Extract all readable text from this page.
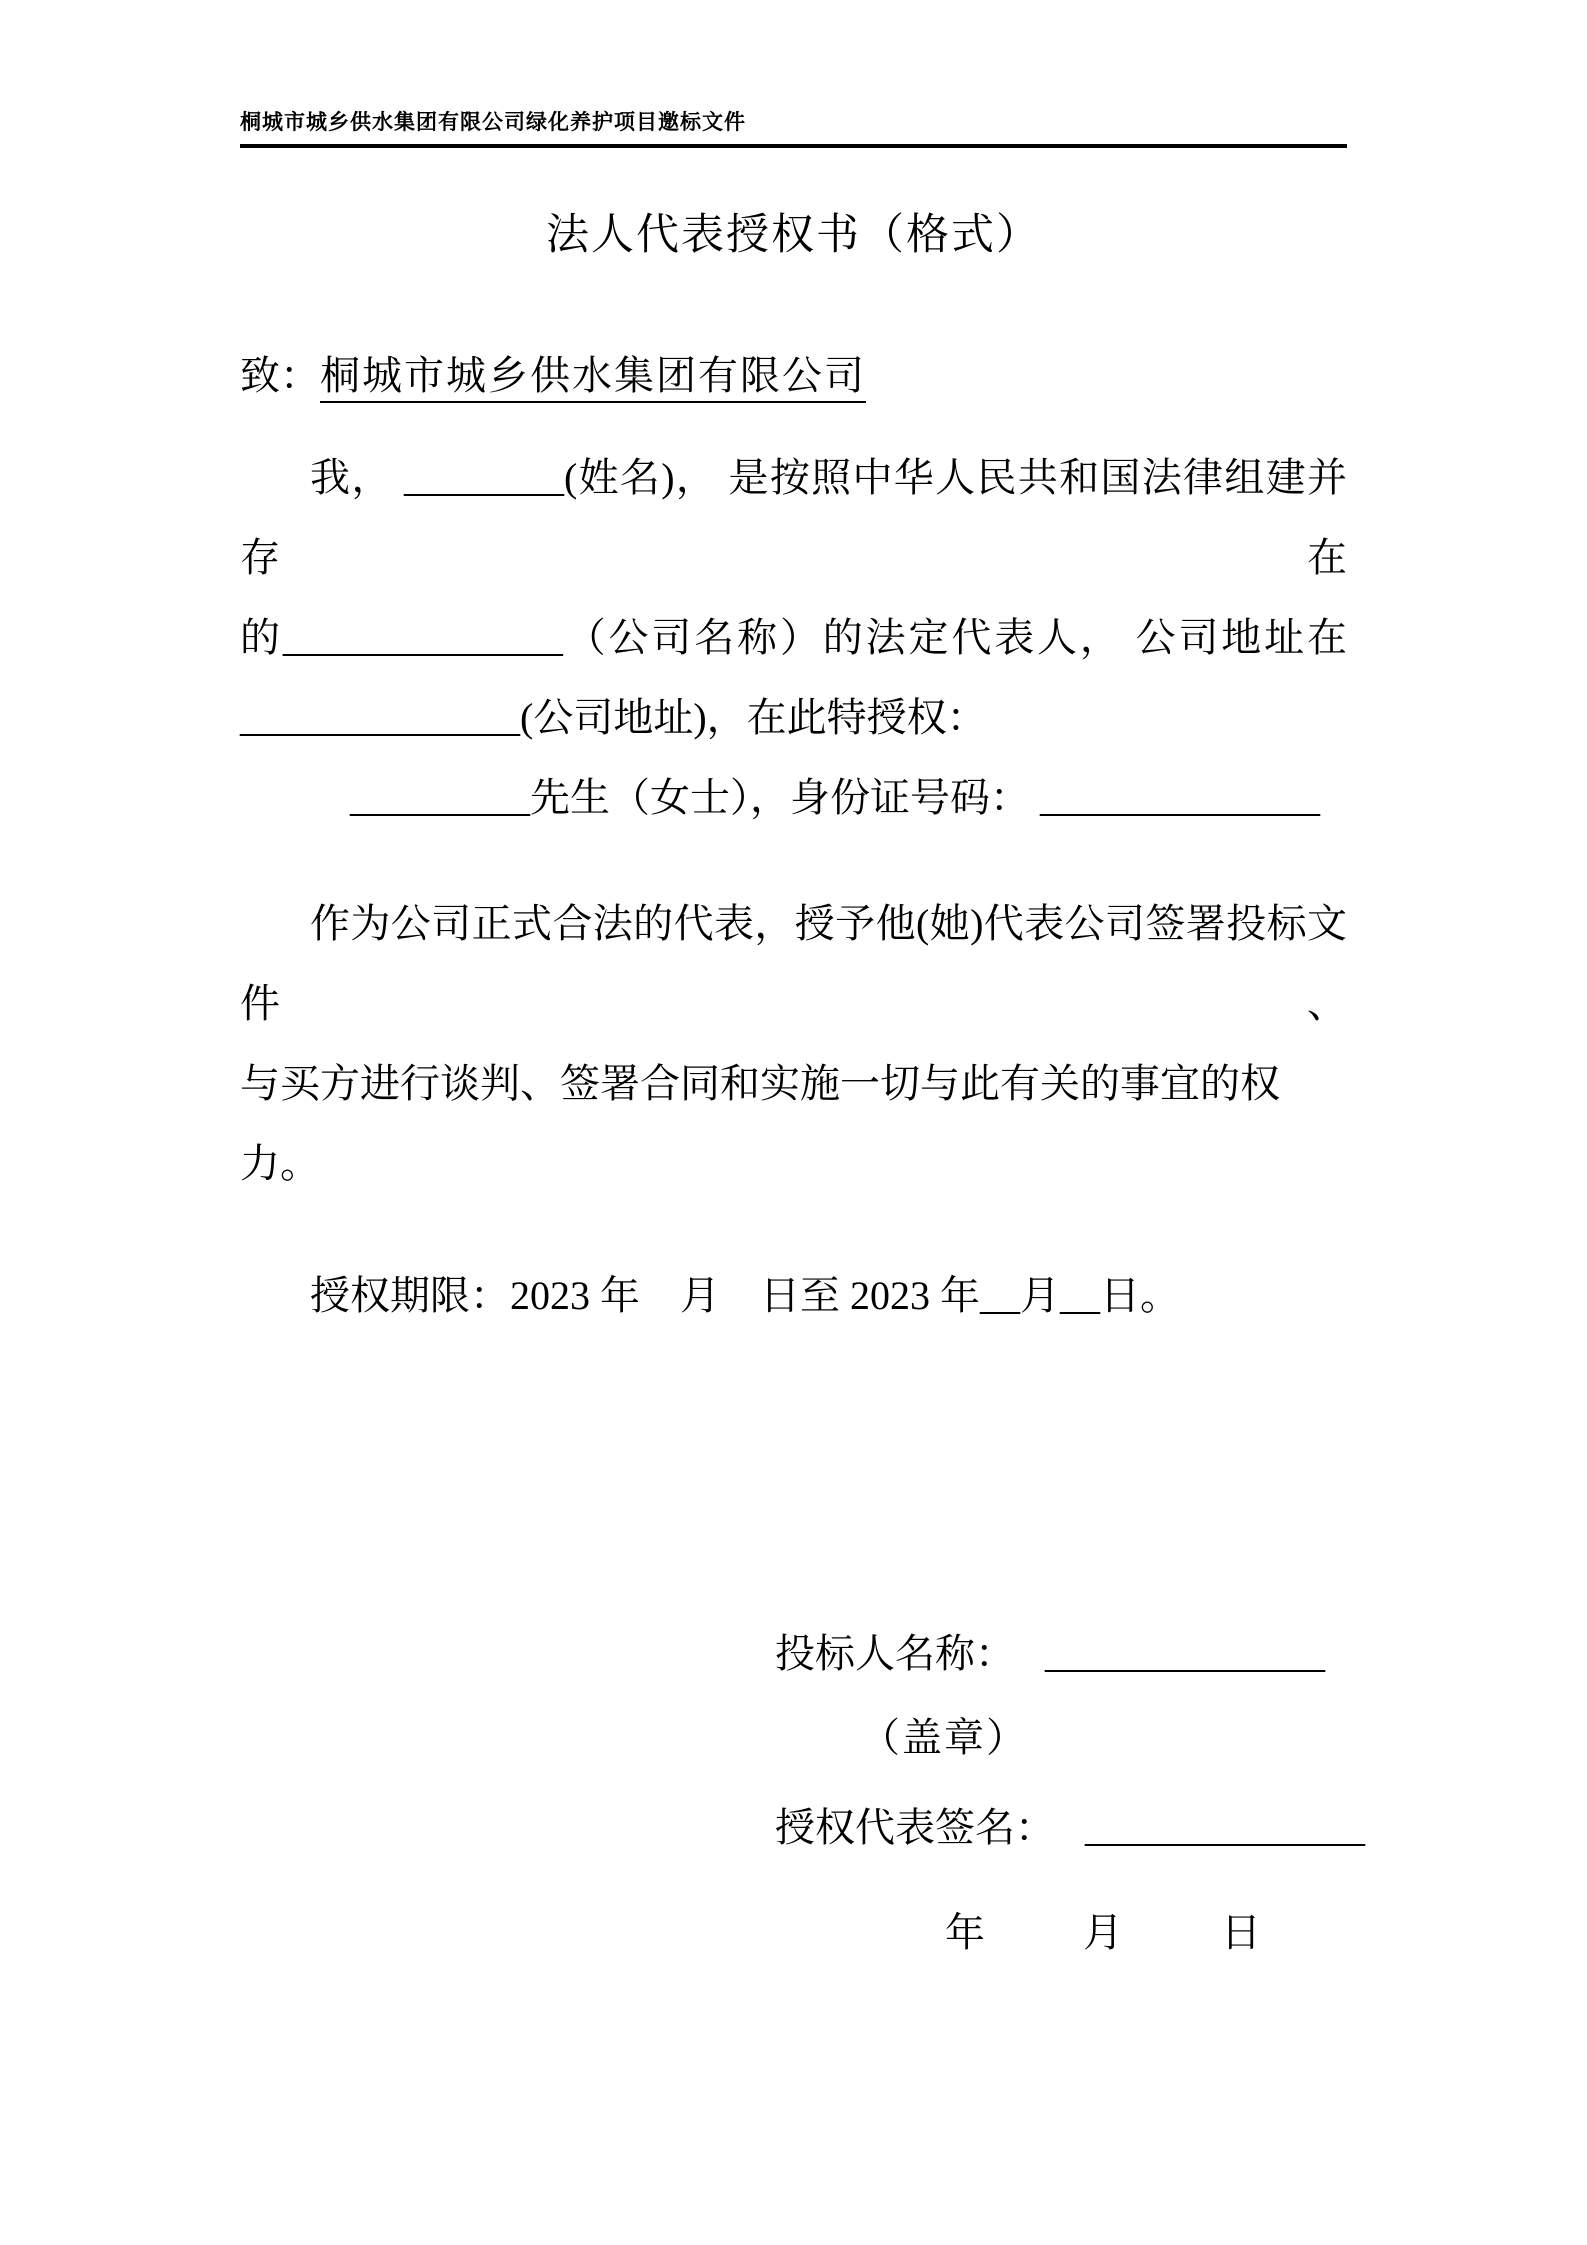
桐城市城乡供水集团有限公司绿化养护项目邀标文件
法人代表授权书（格式）
致：桐城市城乡供水集团有限公司
我， ________(姓名)， 是按照中华人民共和国法律组建并存在
的______________（公司名称）的法定代表人， 公司地址在
______________(公司地址)，在此特授权：
_________先生（女士），身份证号码： ______________
作为公司正式合法的代表，授予他(她)代表公司签署投标文件、
与买方进行谈判、签署合同和实施一切与此有关的事宜的权力。
授权期限：2023 年　月　日至 2023 年__月__日。
投标人名称： ______________
（盖章）
授权代表签名： ______________
年　　月　　日
